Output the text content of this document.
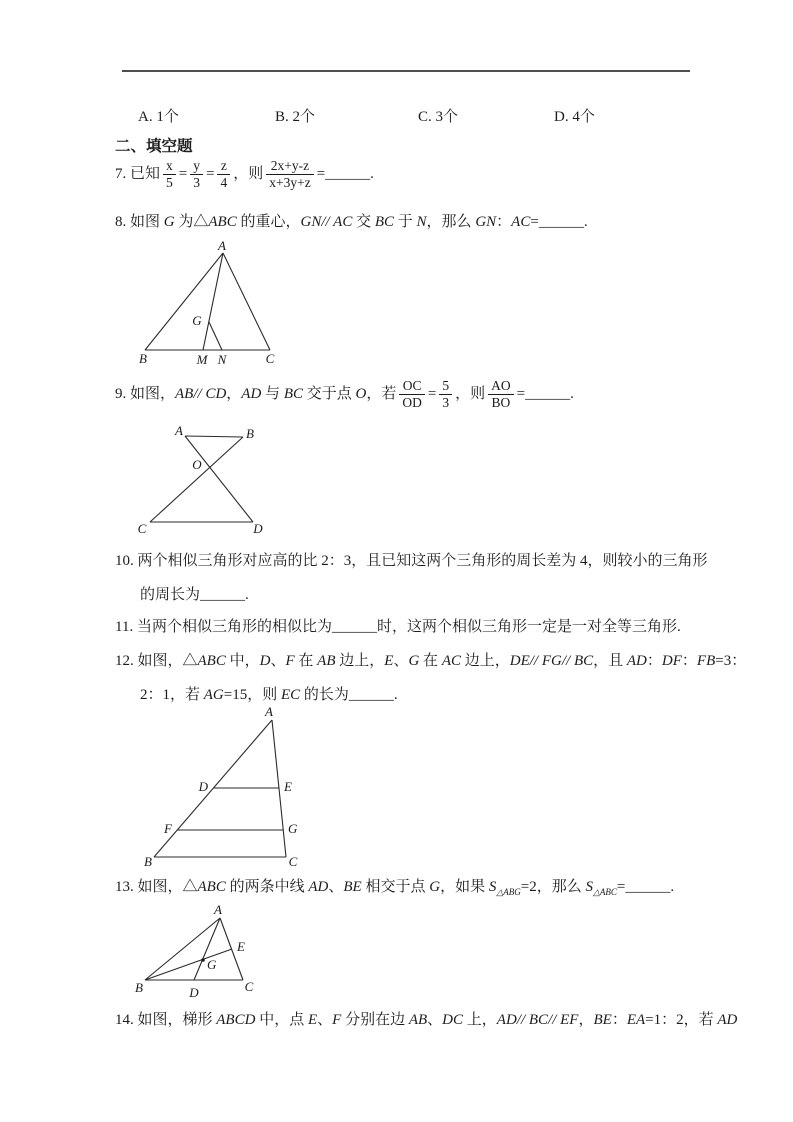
A. 1个	B. 2个	C. 3个	D. 4个
二、填空题
7. 已知 $\frac{x}{5} = \frac{y}{3} = \frac{z}{4}$ ，则 $\frac{2x+y-z}{x+3y+z}$ =______.
8. 如图 G 为△ABC 的重心，GN// AC 交 BC 于 N，那么 GN：AC=______.
A
B	M N	C
G
9. 如图，AB// CD，AD 与 BC 交于点 O，若 $\frac{OC}{OD} = \frac{5}{3}$ ，则 $\frac{AO}{BO}$ =______.
A	B
O
C	D
10. 两个相似三角形对应高的比 2：3，且已知这两个三角形的周长差为 4，则较小的三角形
的周长为______.
11. 当两个相似三角形的相似比为______时，这两个相似三角形一定是一对全等三角形.
12. 如图，△ABC 中，D、F 在 AB 边上，E、G 在 AC 边上，DE// FG// BC，且 AD：DF：FB=3：
2：1，若 AG=15，则 EC 的长为______.
A
B	C
D	E
F	G
13. 如图，△ABC 的两条中线 AD、BE 相交于点 G，如果 $S_{\triangle ABG}=2$，那么 $S_{\triangle ABC}=\_\_\_\_\_\_$.
A
B	C
D
E
G
14. 如图，梯形 ABCD 中，点 E、F 分别在边 AB、DC 上，AD// BC// EF，BE：EA=1：2，若 AD
